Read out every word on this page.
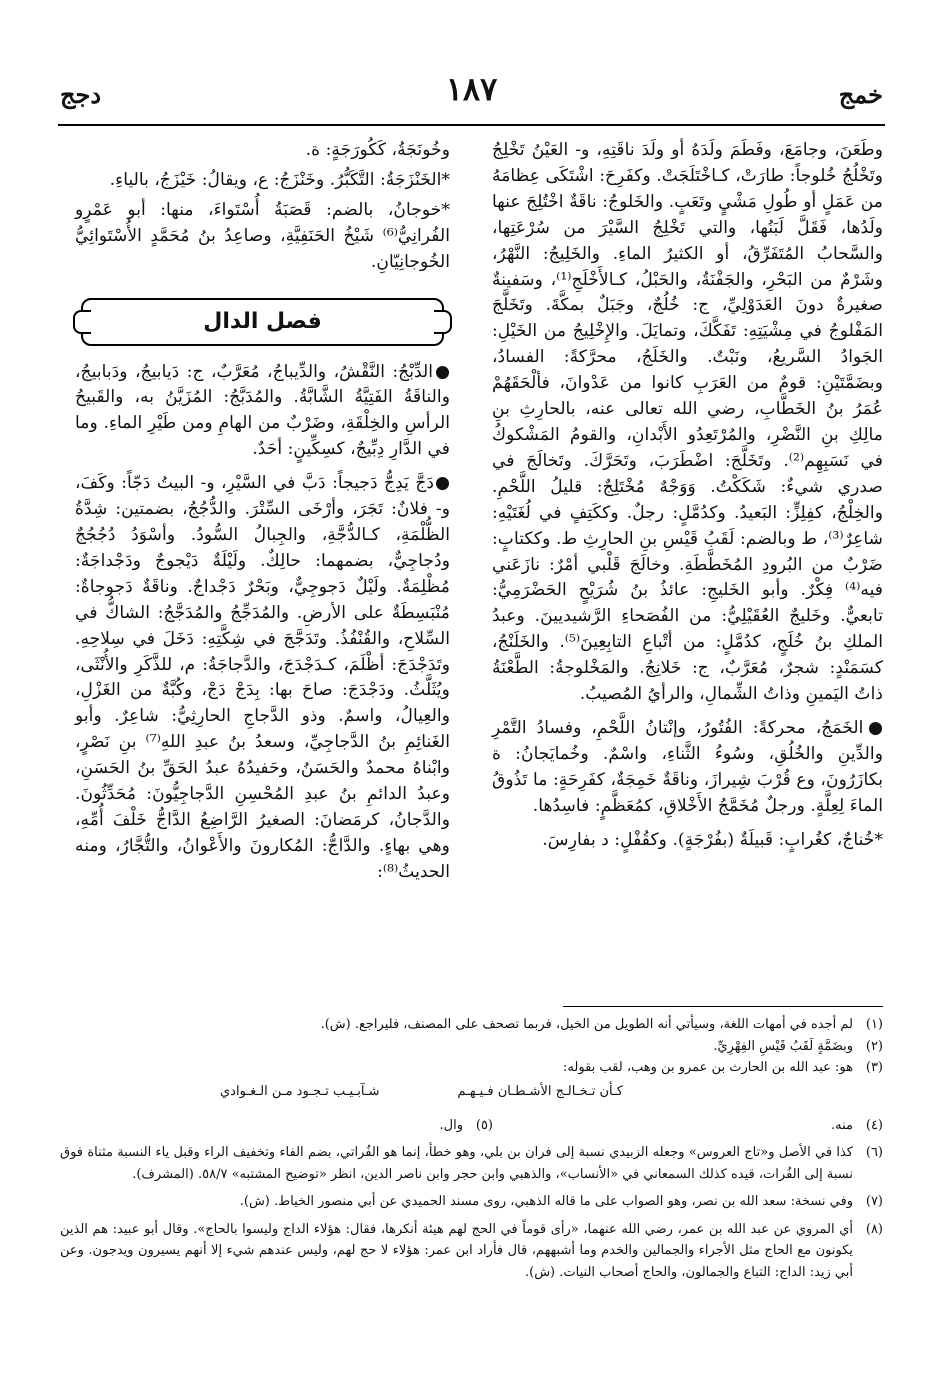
خمج
١٨٧
دجج

وطَعَنَ، وجامَعَ، وفَطَمَ ولَدَهُ أو ولَدَ ناقَتِهِ، و- العَيْنُ تَخْلِجُ وتَخْلُجُ خُلوجاً: طارَتْ، كـاخْتَلَجَتْ. وكفَرِحَ: اشْتَكَى عِظامَهُ من عَمَلٍ أو طُولِ مَشْيٍ وتَعَبٍ. والخَلوجُ: ناقَةٌ اخْتُلِجَ عنها ولَدُها، فَقَلَّ لَبَنُها، والتي تَخْلِجُ السَّيْرَ من سُرْعَتِها، والسَّحابُ المُتَفَرِّقُ، أو الكثيرُ الماءِ. والخَلِيجُ: النَّهْرُ، وشَرْمٌ من البَحْرِ، والجَفْنَةُ، والحَبْلُ، كـالأَخْلَجِ⁽¹⁾، وسَفينةٌ صغيرةٌ دونَ العَدَوْلِيِّ، ج: خُلُجٌ، وجَبَلٌ بمكَّةَ. وتَخَلَّجَ المَفْلوجُ في مِشْيَتِهِ: تَفَكَّكَ، وتمايَلَ. والإِخْلِيجُ من الخَيْلِ: الجَوادُ السَّريعُ، ونَبْتٌ. والخَلَجُ، محرَّكةً: الفسادُ، وبضَمَّتَيْنِ: قومٌ من العَرَبِ كانوا من عَدْوانَ، فألْحَقَهُمْ عُمَرُ بنُ الخَطَّابِ، رضي الله تعالى عنه، بالحارِثِ بنِ مالِكِ بنِ النَّضْرِ، والمُرْتَعِدُو الأَبْدانِ، والقومُ المَشْكوكُ في نَسَبِهِم⁽²⁾. وتَخَلَّجَ: اضْطَرَبَ، وتَحَرَّكَ. وتَخالَجَ في صدري شيءٌ: شَكَكْتُ. وَوَجْهٌ مُخْتَلِجٌ: قليلُ اللَّحْمِ. والخِلْجُ، كفِلِزٍّ: البَعيدُ. وكدُمَّلٍ: رجلٌ. وككَتِفٍ في لُغَتَيْهِ: شاعِرٌ⁽³⁾، ط وبالضم: لَقَبُ قَيْسِ بنِ الحارِثِ ط. وككتابٍ: ضَرْبٌ من البُرودِ المُخَطَّطَةِ. وخالَجَ قَلْبي أمْرٌ: نازَعَني فيه⁽⁴⁾ فِكْرٌ. وأبو الخَليجِ: عائذُ بنُ شُرَيْحٍ الحَضْرَمِيُّ: تابعيٌّ. وخَليجٌ العُقَيْلِيُّ: من الفُصَحاءِ الرَّشيديينَ. وعبدُ الملكِ بنُ خُلَجٍ، كدُمَّلٍ: من أتْباعِ التابِعِينَ⁽⁵⁾. والخَلَنْجُ، كسَمَنْدٍ: شجرٌ، مُعَرَّبٌ، ج: خَلانِجُ. والمَخْلوجةُ: الطَّعْنَةُ ذاتُ اليَمينِ وذاتُ الشِّمالِ، والرأيُ المُصيبُ.

●الخَمَجُ، محركةً: الفُتُورُ، وإنْتانُ اللَّحْمِ، وفسادُ التَّمْرِ والدِّينِ والخُلُقِ، وسُوءُ الثَّناءِ، واسْمٌ. وخُمايَجانُ: ة بكازَرُونَ، وع قُرْبَ شِيرازَ، وناقَةٌ خَمِجَةٌ، كفَرِحَةٍ: ما تَذُوقُ الماءَ لِعِلَّةٍ. ورجلٌ مُخَمَّجُ الأَخْلاقِ، كمُعَظَّمٍ: فاسِدُها.

*خُناجٌ، كغُرابٍ: قَبيلَةٌ (بفُرْجَةٍ). وكقُفْلٍ: د بفارِسَ.

وخُونَجَةُ، كَكُورَجَةٍ: ة.

*الخَنْزَجَةُ: التَّكَبُّرُ. وخَنْزَجُ: ع، ويقالُ: خَيْزَجُ، بالياءِ.

*خوجانُ، بالضم: قَصَبَةُ أُسْتَواءَ، منها: أبو عَمْرٍو الفُرانِيُّ⁽⁶⁾ شَيْخُ الحَنَفِيَّةِ، وصاعِدُ بنُ مُحَمَّدٍ الأُسْتَوائِيُّ الخُوجانِيّانِ.

فصل الدال

●الدِّبْجُ: النَّقْشُ، والدِّيباجُ، مُعَرَّبٌ، ج: دَيابيجُ، ودَبابيجُ، والناقَةُ الفَتِيَّةُ الشَّابَّةُ. والمُدَبَّجُ: المُزَيَّنُ به، والقَبيحُ الرأسِ والخِلْقَةِ، وضَرْبٌ من الهامِ ومن طَيْرِ الماءِ. وما في الدَّارِ دِبِّيجٌ، كسِكِّينٍ: أحَدٌ.

●دَجَّ يَدِجُّ دَجيجاً: دَبَّ في السَّيْرِ، و- البيتُ دَجّاً: وكَفَ، و- فلانٌ: تَجَرَ، وأرْخَى السِّتْرَ. والدُّجُجُ، بضمتين: شِدَّةُ الظُّلْمَةِ، كـالدُّجَّةِ، والجِبالُ السُّودُ. وأسْوَدُ دُجُجُجٌ ودُجاجِيٌّ، بضمهما: حالِكٌ. ولَيْلَةٌ دَيْجوجٌ ودَجْداجَةٌ: مُظْلِمَةٌ. ولَيْلٌ دَجوجِيٌّ، وبَحْرٌ دَجْداجٌ. وناقَةٌ دَجوجاةٌ: مُنْبَسِطَةٌ على الأرضِ. والمُدَجِّجُ والمُدَجَّجُ: الشاكُّ في السِّلاحِ، والقُنْفُذُ. وتَدَجَّجَ في شِكَّتِهِ: دَخَلَ في سِلاحِهِ. وتَدَجْدَجَ: أظْلَمَ، كـدَجْدَجَ، والدَّجاجَةُ: م، للذَّكَرِ والأُنْثَى، ويُثَلَّثُ. ودَجْدَجَ: صاحَ بها: بِدَجْ دَجْ، وكُبَّةٌ من الغَزْلِ، والعِيالُ، واسمٌ. وذو الدَّجاجِ الحارِثِيُّ: شاعِرٌ. وأبو الغَنائِمِ بنُ الدَّجاجِيِّ، وسعدُ بنُ عبدِ اللهِ⁽⁷⁾ بنِ نَصْرٍ، وابْناهُ محمدٌ والحَسَنُ، وحَفيدُهُ عبدُ الحَقِّ بنُ الحَسَنِ، وعبدُ الدائمِ بنُ عبدِ المُحْسِنِ الدَّجاجِيُّونَ: مُحَدِّثُونَ. والدَّجانُ، كرمَضانَ: الصغيرُ الرَّاضِعُ الدَّاجُّ خَلْفَ أُمِّهِ، وهي بهاءٍ. والدَّاجُّ: المُكارونَ والأَعْوانُ، والتُّجَّارُ، ومنه الحديثُ⁽⁸⁾:

(١)
لم أجده في أمهات اللغة، وسيأتي أنه الطويل من الخيل، فربما تصحف على المصنف، فليراجع. (ش).
(٢)
وبضَمَّةٍ لَقَبُ قَيْسِ الفِهْرِيِّ.
(٣)
هو: عبد الله بن الحارث بن عمرو بن وهب، لقب بقوله:
كـأن تـخـالـج الأشـطـان فـيـهـم
شـآبـيـب تـجـود مـن الـغـوادي
(٤)
منه.
(٥)
وال.
(٦)
كذا في الأصل و«تاج العروس» وجعله الزبيدي نسبة إلى فران بن بلي، وهو خطأ، إنما هو الفُراتي، بضم الفاء وتخفيف الراء وقبل ياء النسبة مثناة فوق نسبة إلى الفُرات، قيده كذلك السمعاني في «الأنساب»، والذهبي وابن حجر وابن ناصر الدين، انظر «توضيح المشتبه» ٧/‏٥٨. (المشرف).
(٧)
وفي نسخة: سعد الله بن نصر، وهو الصواب على ما قاله الذهبي، روى مسند الحميدي عن أبي منصور الخياط. (ش).
(٨)
أي المروي عن عبد الله بن عمر، رضي الله عنهما، «رأى قوماً في الحج لهم هيئة أنكرها، فقال: هؤلاء الداج وليسوا بالحاج». وقال أبو عبيد: هم الذين يكونون مع الحاج مثل الأجراء والجمالين والخدم وما أشبههم، قال فأراد ابن عمر: هؤلاء لا حج لهم، وليس عندهم شيء إلا أنهم يسيرون ويدجون. وعن أبي زيد: الداج: التباع والجمالون، والحاج أصحاب النيات. (ش).
